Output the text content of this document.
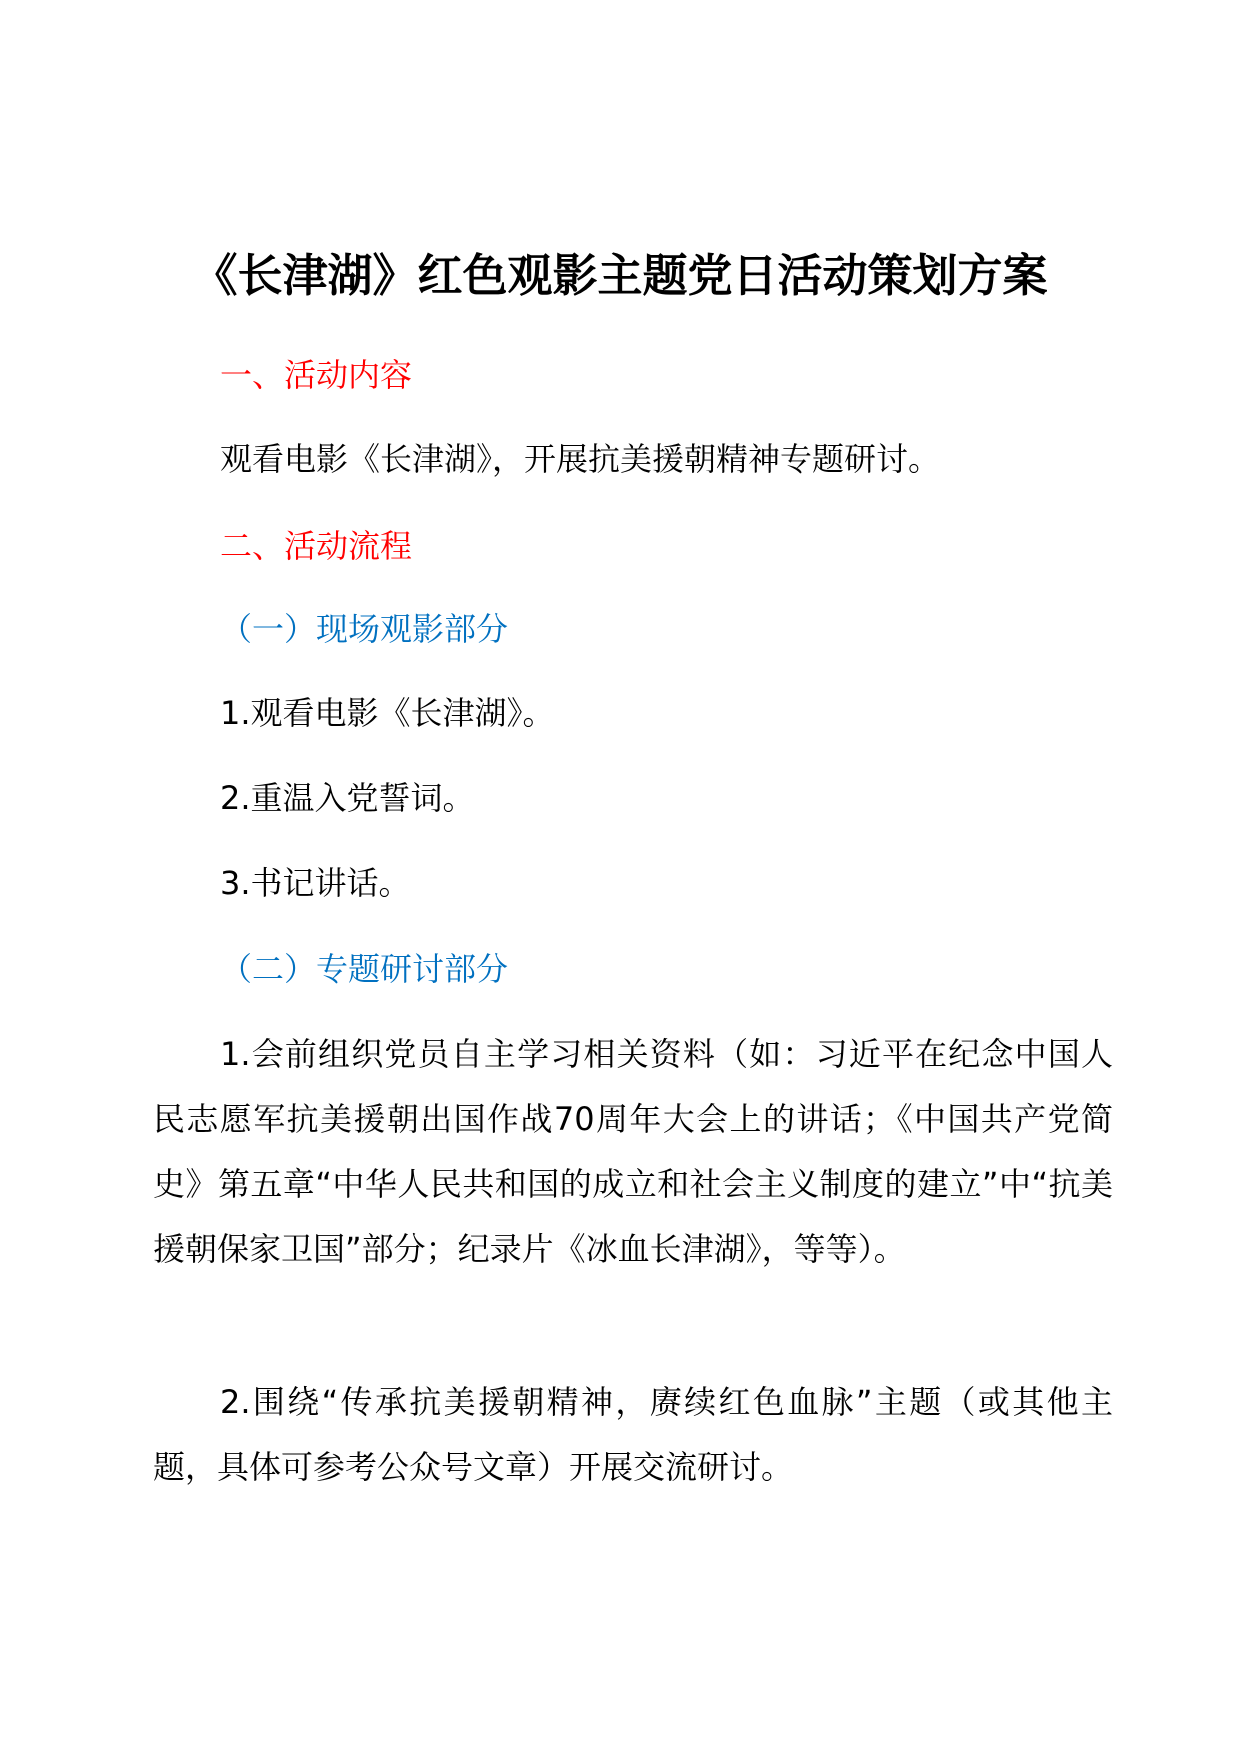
《长津湖》红色观影主题党日活动策划方案
一、活动内容
观看电影《长津湖》，开展抗美援朝精神专题研讨。
二、活动流程
（一）现场观影部分
1.观看电影《长津湖》。
2.重温入党誓词。
3.书记讲话。
（二）专题研讨部分
1.会前组织党员自主学习相关资料（如：习近平在纪念中国人民志愿军抗美援朝出国作战70周年大会上的讲话；《中国共产党简史》第五章“中华人民共和国的成立和社会主义制度的建立”中“抗美援朝保家卫国”部分；纪录片《冰血长津湖》，等等）。
2.围绕“传承抗美援朝精神，赓续红色血脉”主题（或其他主题，具体可参考公众号文章）开展交流研讨。
